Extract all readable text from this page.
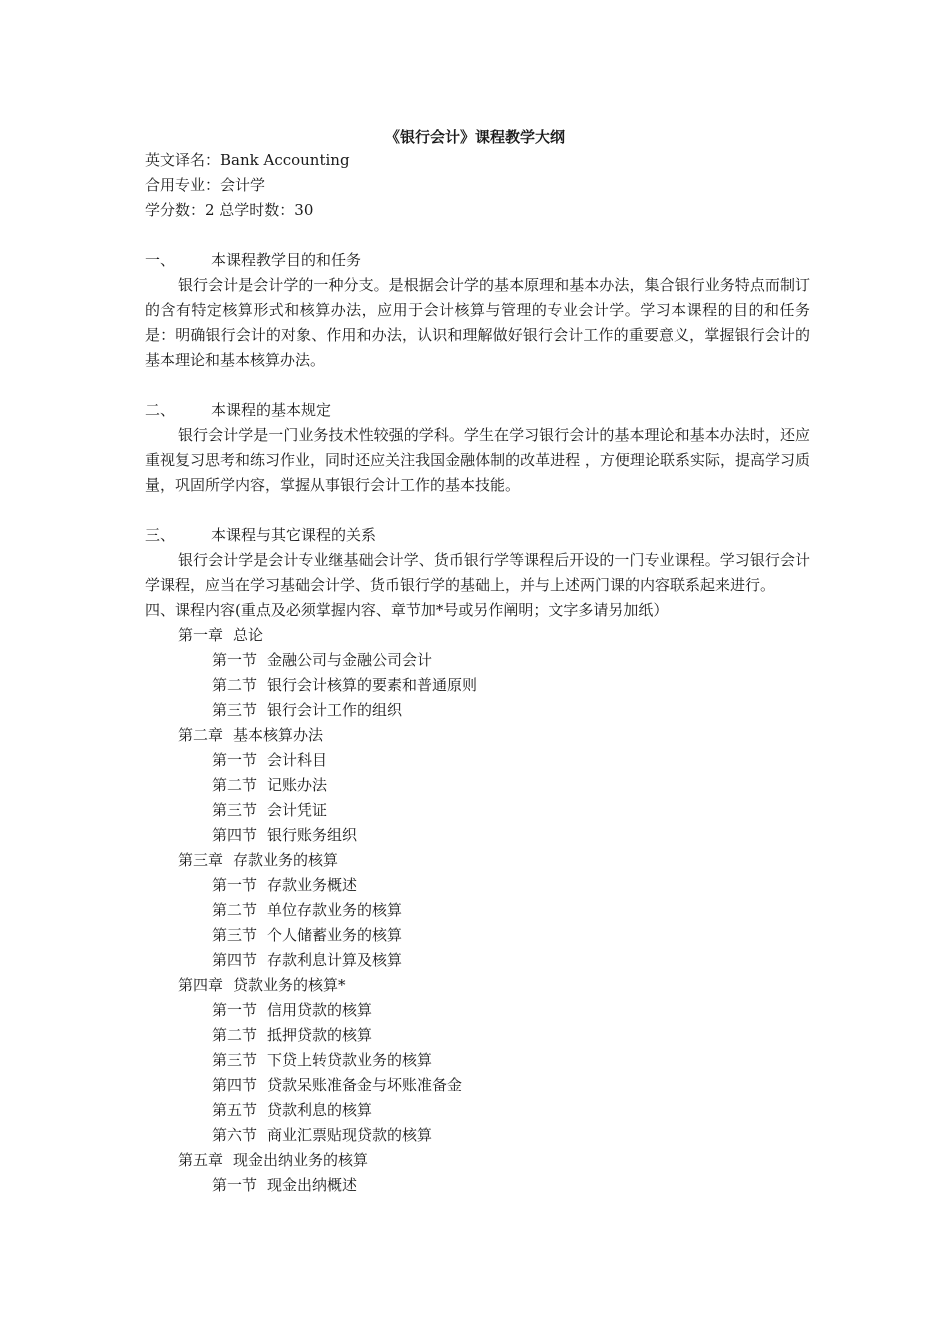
《银行会计》课程教学大纲
英文译名：Bank Accounting
合用专业：会计学
学分数：2 总学时数：30
一、 本课程教学目的和任务

银行会计是会计学的一种分支。是根据会计学的基本原理和基本办法，集合银行业务特点而制订的含有特定核算形式和核算办法，应用于会计核算与管理的专业会计学。学习本课程的目的和任务是：明确银行会计的对象、作用和办法，认识和理解做好银行会计工作的重要意义，掌握银行会计的基本理论和基本核算办法。

二、 本课程的基本规定

银行会计学是一门业务技术性较强的学科。学生在学习银行会计的基本理论和基本办法时，还应重视复习思考和练习作业，同时还应关注我国金融体制的改革进程 ，方便理论联系实际，提高学习质量，巩固所学内容，掌握从事银行会计工作的基本技能。

三、 本课程与其它课程的关系

银行会计学是会计专业继基础会计学、货币银行学等课程后开设的一门专业课程。学习银行会计学课程，应当在学习基础会计学、货币银行学的基础上，并与上述两门课的内容联系起来进行。

四、课程内容(重点及必须掌握内容、章节加*号或另作阐明；文字多请另加纸）
第一章 总论
第一节 金融公司与金融公司会计
第二节 银行会计核算的要素和普通原则
第三节 银行会计工作的组织
第二章 基本核算办法
第一节 会计科目
第二节 记账办法
第三节 会计凭证
第四节 银行账务组织
第三章 存款业务的核算
第一节 存款业务概述
第二节 单位存款业务的核算
第三节 个人储蓄业务的核算
第四节 存款利息计算及核算
第四章 贷款业务的核算*
第一节 信用贷款的核算
第二节 抵押贷款的核算
第三节 下贷上转贷款业务的核算
第四节 贷款呆账准备金与坏账准备金
第五节 贷款利息的核算
第六节 商业汇票贴现贷款的核算
第五章 现金出纳业务的核算
第一节 现金出纳概述
